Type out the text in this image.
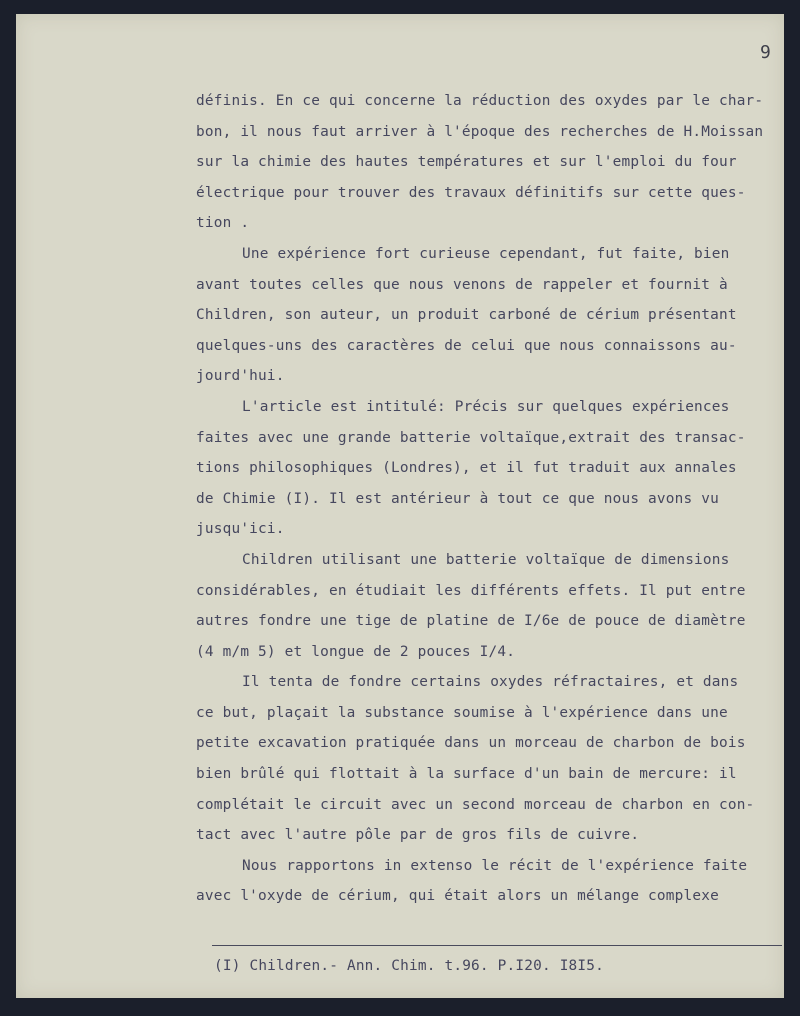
9
définis. En ce qui concerne la réduction des oxydes par le char-
bon, il nous faut arriver à l'époque des recherches de H.Moissan
sur la chimie des hautes températures et sur l'emploi du four
électrique pour trouver des travaux définitifs sur cette ques-
tion .
Une expérience fort curieuse cependant, fut faite, bien
avant toutes celles que nous venons de rappeler et fournit à
Children, son auteur, un produit carboné de cérium présentant
quelques-uns des caractères de celui que nous connaissons au-
jourd'hui.
L'article est intitulé: Précis sur quelques expériences
faites avec une grande batterie voltaïque,extrait des transac-
tions philosophiques (Londres), et il fut traduit aux annales
de Chimie (I). Il est antérieur à tout ce que nous avons vu
jusqu'ici.
Children utilisant une batterie voltaïque de dimensions
considérables, en étudiait les différents effets. Il put entre
autres fondre une tige de platine de I/6e de pouce de diamètre
(4 m/m 5) et longue de 2 pouces I/4.
Il tenta de fondre certains oxydes réfractaires, et dans
ce but, plaçait la substance soumise à l'expérience dans une
petite excavation pratiquée dans un morceau de charbon de bois
bien brûlé qui flottait à la surface d'un bain de mercure: il
complétait le circuit avec un second morceau de charbon en con-
tact avec l'autre pôle par de gros fils de cuivre.
Nous rapportons in extenso le récit de l'expérience faite
avec l'oxyde de cérium, qui était alors un mélange complexe
(I) Children.- Ann. Chim. t.96. P.I20. I8I5.
